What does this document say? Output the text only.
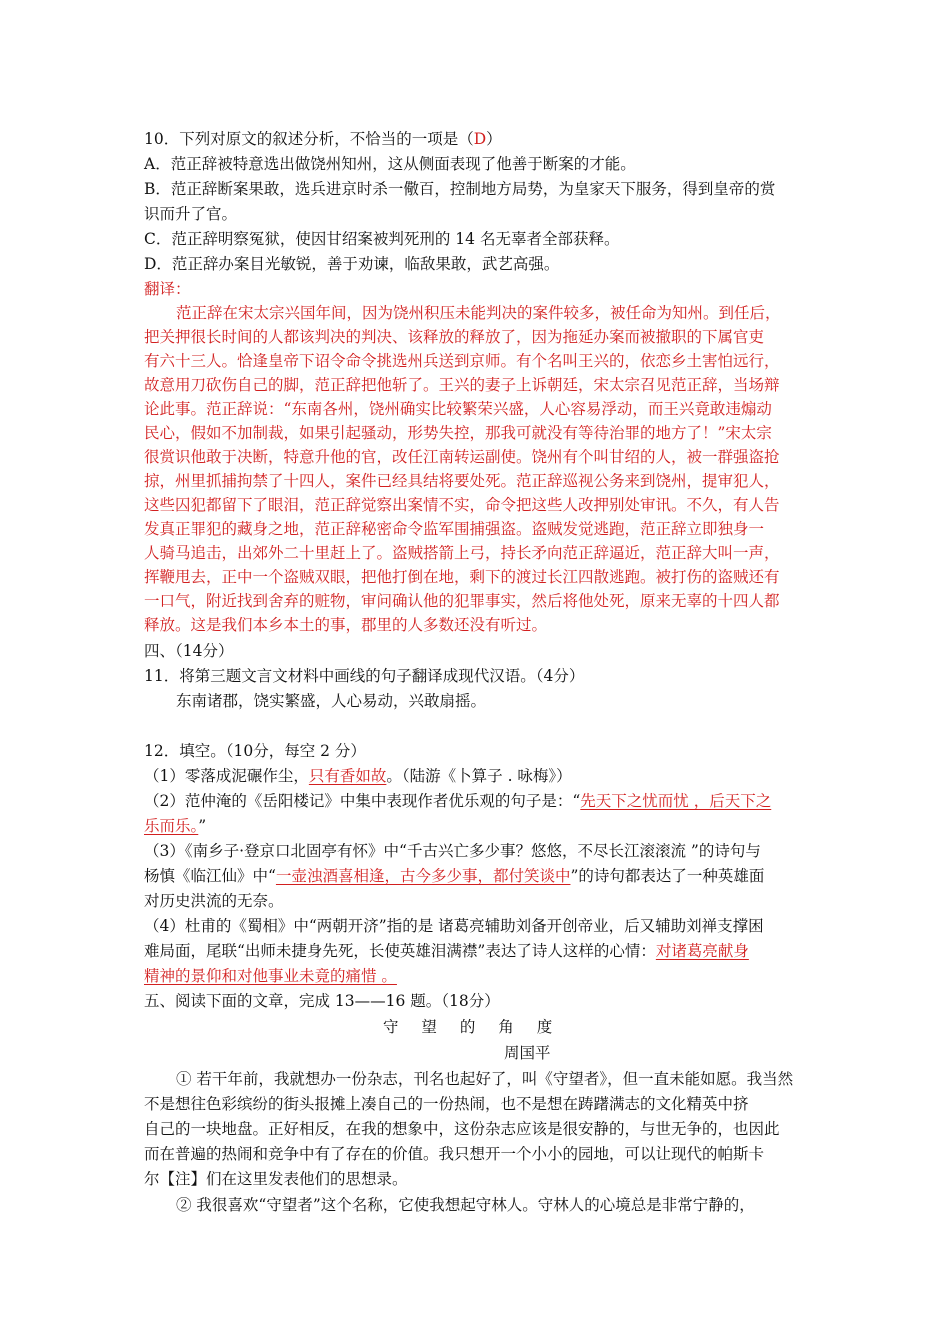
10．下列对原文的叙述分析，不恰当的一项是（D）
A．范正辞被特意选出做饶州知州，这从侧面表现了他善于断案的才能。
B．范正辞断案果敢，选兵进京时杀一儆百，控制地方局势，为皇家天下服务，得到皇帝的赏
识而升了官。
C．范正辞明察冤狱，使因甘绍案被判死刑的 14 名无辜者全部获释。
D．范正辞办案目光敏锐，善于劝谏，临敌果敢，武艺高强。
翻译：
范正辞在宋太宗兴国年间，因为饶州积压未能判决的案件较多，被任命为知州。到任后，
把关押很长时间的人都该判决的判决、该释放的释放了，因为拖延办案而被撤职的下属官吏
有六十三人。恰逢皇帝下诏令命令挑选州兵送到京师。有个名叫王兴的，依恋乡土害怕远行，
故意用刀砍伤自己的脚，范正辞把他斩了。王兴的妻子上诉朝廷，宋太宗召见范正辞，当场辩
论此事。范正辞说：“东南各州，饶州确实比较繁荣兴盛，人心容易浮动，而王兴竟敢违煽动
民心，假如不加制裁，如果引起骚动，形势失控，那我可就没有等待治罪的地方了！”宋太宗
很赏识他敢于决断，特意升他的官，改任江南转运副使。饶州有个叫甘绍的人，被一群强盗抢
掠，州里抓捕拘禁了十四人，案件已经具结将要处死。范正辞巡视公务来到饶州，提审犯人，
这些囚犯都留下了眼泪，范正辞觉察出案情不实，命令把这些人改押别处审讯。不久，有人告
发真正罪犯的藏身之地，范正辞秘密命令监军围捕强盗。盗贼发觉逃跑，范正辞立即独身一
人骑马追击，出郊外二十里赶上了。盗贼搭箭上弓，持长矛向范正辞逼近，范正辞大叫一声，
挥鞭甩去，正中一个盗贼双眼，把他打倒在地，剩下的渡过长江四散逃跑。被打伤的盗贼还有
一口气，附近找到舍弃的赃物，审问确认他的犯罪事实，然后将他处死，原来无辜的十四人都
释放。这是我们本乡本土的事，郡里的人多数还没有听过。
四、（14分）
11．将第三题文言文材料中画线的句子翻译成现代汉语。（4分）
东南诸郡，饶实繁盛，人心易动，兴敢扇摇。
12．填空。（10分，每空 2 分）
（1）零落成泥碾作尘，只有香如故。（陆游《卜算子 . 咏梅》）
（2）范仲淹的《岳阳楼记》中集中表现作者优乐观的句子是：“先天下之忧而忧 ，后天下之
乐而乐。”
（3）《南乡子·登京口北固亭有怀》中“千古兴亡多少事？悠悠，不尽长江滚滚流 ”的诗句与
杨慎《临江仙》中“一壶浊酒喜相逢，古今多少事，都付笑谈中”的诗句都表达了一种英雄面
对历史洪流的无奈。
（4）杜甫的《蜀相》中“两朝开济”指的是 诸葛亮辅助刘备开创帝业，后又辅助刘禅支撑困
难局面，尾联“出师未捷身先死，长使英雄泪满襟”表达了诗人这样的心情：对诸葛亮献身
精神的景仰和对他事业未竟的痛惜 。
五、阅读下面的文章，完成 13——16 题。（18分）
守 望 的 角 度
周国平
① 若干年前，我就想办一份杂志，刊名也起好了，叫《守望者》，但一直未能如愿。我当然
不是想往色彩缤纷的街头报摊上凑自己的一份热闹，也不是想在踌躇满志的文化精英中挤
自己的一块地盘。正好相反，在我的想象中，这份杂志应该是很安静的，与世无争的，也因此
而在普遍的热闹和竞争中有了存在的价值。我只想开一个小小的园地，可以让现代的帕斯卡
尔【注】们在这里发表他们的思想录。
② 我很喜欢“守望者”这个名称，它使我想起守林人。守林人的心境总是非常宁静的，
